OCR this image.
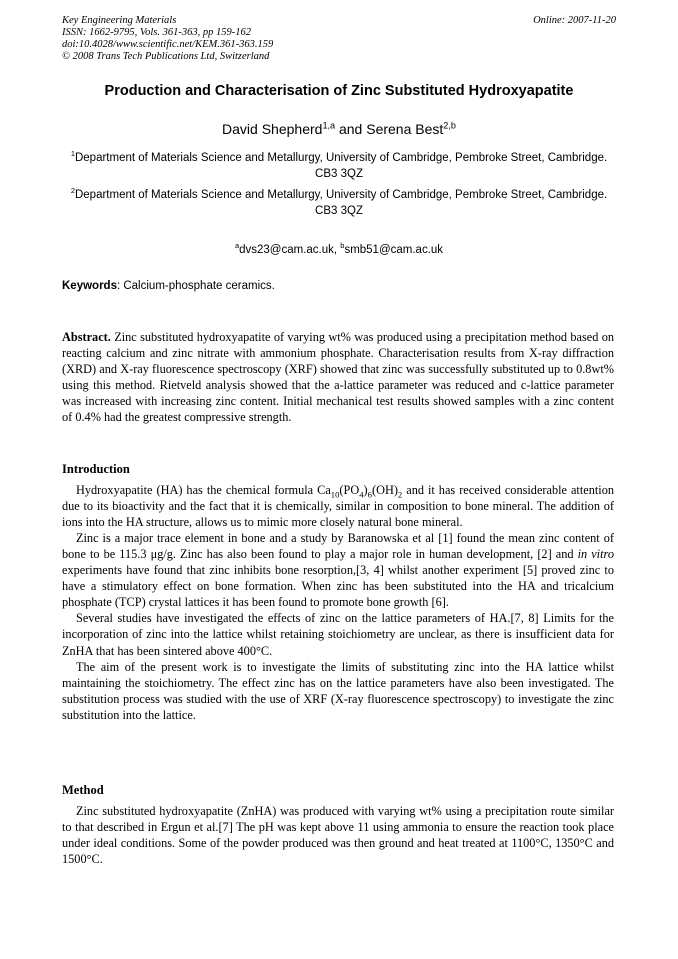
Key Engineering Materials
ISSN: 1662-9795, Vols. 361-363, pp 159-162
doi:10.4028/www.scientific.net/KEM.361-363.159
© 2008 Trans Tech Publications Ltd, Switzerland
Online: 2007-11-20
Production and Characterisation of Zinc Substituted Hydroxyapatite
David Shepherd$^{1,a}$ and Serena Best$^{2,b}$
$^1$Department of Materials Science and Metallurgy, University of Cambridge, Pembroke Street, Cambridge. CB3 3QZ
$^2$Department of Materials Science and Metallurgy, University of Cambridge, Pembroke Street, Cambridge. CB3 3QZ
$^a$dvs23@cam.ac.uk, $^b$smb51@cam.ac.uk
Keywords: Calcium-phosphate ceramics.
Abstract. Zinc substituted hydroxyapatite of varying wt% was produced using a precipitation method based on reacting calcium and zinc nitrate with ammonium phosphate. Characterisation results from X-ray diffraction (XRD) and X-ray fluorescence spectroscopy (XRF) showed that zinc was successfully substituted up to 0.8wt% using this method. Rietveld analysis showed that the a-lattice parameter was reduced and c-lattice parameter was increased with increasing zinc content. Initial mechanical test results showed samples with a zinc content of 0.4% had the greatest compressive strength.
Introduction

Hydroxyapatite (HA) has the chemical formula $Ca_{10}(PO_4)_6(OH)_2$ and it has received considerable attention due to its bioactivity and the fact that it is chemically, similar in composition to bone mineral. The addition of ions into the HA structure, allows us to mimic more closely natural bone mineral.

Zinc is a major trace element in bone and a study by Baranowska et al [1] found the mean zinc content of bone to be 115.3 μg/g. Zinc has also been found to play a major role in human development, [2] and in vitro experiments have found that zinc inhibits bone resorption,[3, 4] whilst another experiment [5] proved zinc to have a stimulatory effect on bone formation. When zinc has been substituted into the HA and tricalcium phosphate (TCP) crystal lattices it has been found to promote bone growth [6].

Several studies have investigated the effects of zinc on the lattice parameters of HA.[7, 8] Limits for the incorporation of zinc into the lattice whilst retaining stoichiometry are unclear, as there is insufficient data for ZnHA that has been sintered above 400°C.

The aim of the present work is to investigate the limits of substituting zinc into the HA lattice whilst maintaining the stoichiometry. The effect zinc has on the lattice parameters have also been investigated. The substitution process was studied with the use of XRF (X-ray fluorescence spectroscopy) to investigate the zinc substitution into the lattice.

Method

Zinc substituted hydroxyapatite (ZnHA) was produced with varying wt% using a precipitation route similar to that described in Ergun et al.[7] The pH was kept above 11 using ammonia to ensure the reaction took place under ideal conditions. Some of the powder produced was then ground and heat treated at 1100°C, 1350°C and 1500°C.
